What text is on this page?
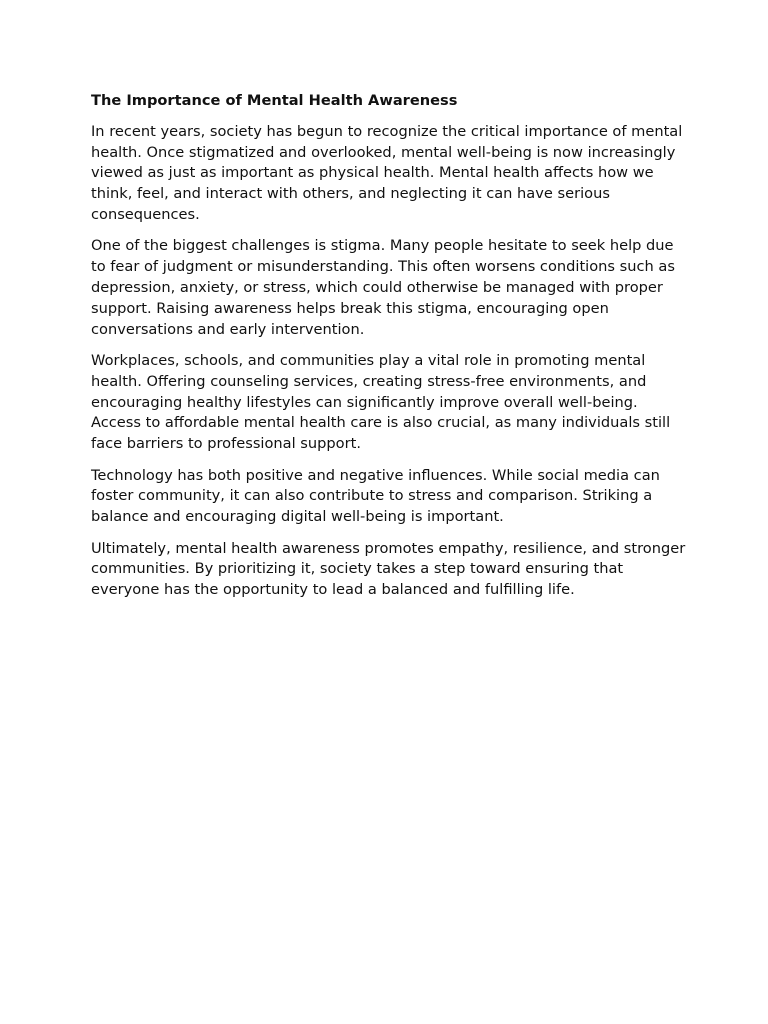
The Importance of Mental Health Awareness

In recent years, society has begun to recognize the critical importance of mental health. Once stigmatized and overlooked, mental well-being is now increasingly viewed as just as important as physical health. Mental health affects how we think, feel, and interact with others, and neglecting it can have serious consequences.

One of the biggest challenges is stigma. Many people hesitate to seek help due to fear of judgment or misunderstanding. This often worsens conditions such as depression, anxiety, or stress, which could otherwise be managed with proper support. Raising awareness helps break this stigma, encouraging open conversations and early intervention.

Workplaces, schools, and communities play a vital role in promoting mental health. Offering counseling services, creating stress-free environments, and encouraging healthy lifestyles can significantly improve overall well-being. Access to affordable mental health care is also crucial, as many individuals still face barriers to professional support.

Technology has both positive and negative influences. While social media can foster community, it can also contribute to stress and comparison. Striking a balance and encouraging digital well-being is important.

Ultimately, mental health awareness promotes empathy, resilience, and stronger communities. By prioritizing it, society takes a step toward ensuring that everyone has the opportunity to lead a balanced and fulfilling life.
